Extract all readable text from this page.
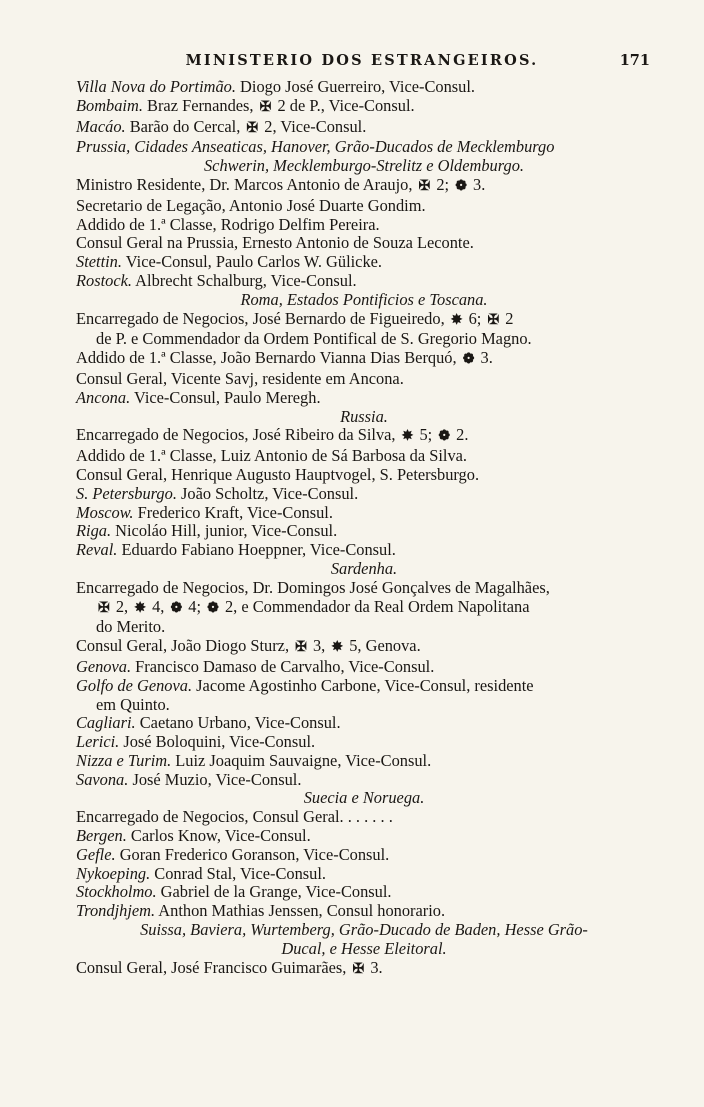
MINISTERIO DOS ESTRANGEIROS.	171
Villa Nova do Portimão. Diogo José Guerreiro, Vice-Consul.
Bombaim. Braz Fernandes, ✠ 2 de P., Vice-Consul.
Macáo. Barão do Cercal, ✠ 2, Vice-Consul.
Prussia, Cidades Anseaticas, Hanover, Grão-Ducados de Mecklemburgo
Schwerin, Mecklemburgo-Strelitz e Oldemburgo.
Ministro Residente, Dr. Marcos Antonio de Araujo, ✠ 2; ❁ 3.
Secretario de Legação, Antonio José Duarte Gondim.
Addido de 1.ª Classe, Rodrigo Delfim Pereira.
Consul Geral na Prussia, Ernesto Antonio de Souza Leconte.
Stettin. Vice-Consul, Paulo Carlos W. Gülicke.
Rostock. Albrecht Schalburg, Vice-Consul.
Roma, Estados Pontificios e Toscana.
Encarregado de Negocios, José Bernardo de Figueiredo, ✸ 6; ✠ 2
de P. e Commendador da Ordem Pontifical de S. Gregorio Magno.
Addido de 1.ª Classe, João Bernardo Vianna Dias Berquó, ❁ 3.
Consul Geral, Vicente Savj, residente em Ancona.
Ancona. Vice-Consul, Paulo Meregh.
Russia.
Encarregado de Negocios, José Ribeiro da Silva, ✸ 5; ❁ 2.
Addido de 1.ª Classe, Luiz Antonio de Sá Barbosa da Silva.
Consul Geral, Henrique Augusto Hauptvogel, S. Petersburgo.
S. Petersburgo. João Scholtz, Vice-Consul.
Moscow. Frederico Kraft, Vice-Consul.
Riga. Nicoláo Hill, junior, Vice-Consul.
Reval. Eduardo Fabiano Hoeppner, Vice-Consul.
Sardenha.
Encarregado de Negocios, Dr. Domingos José Gonçalves de Magalhães,
✠ 2, ✸ 4, ❁ 4; ❁ 2, e Commendador da Real Ordem Napolitana
do Merito.
Consul Geral, João Diogo Sturz, ✠ 3, ✸ 5, Genova.
Genova. Francisco Damaso de Carvalho, Vice-Consul.
Golfo de Genova. Jacome Agostinho Carbone, Vice-Consul, residente
em Quinto.
Cagliari. Caetano Urbano, Vice-Consul.
Lerici. José Boloquini, Vice-Consul.
Nizza e Turim. Luiz Joaquim Sauvaigne, Vice-Consul.
Savona. José Muzio, Vice-Consul.
Suecia e Noruega.
Encarregado de Negocios, Consul Geral. . . . . . .
Bergen. Carlos Know, Vice-Consul.
Gefle. Goran Frederico Goranson, Vice-Consul.
Nykoeping. Conrad Stal, Vice-Consul.
Stockholmo. Gabriel de la Grange, Vice-Consul.
Trondjhjem. Anthon Mathias Jenssen, Consul honorario.
Suissa, Baviera, Wurtemberg, Grão-Ducado de Baden, Hesse Grão-
Ducal, e Hesse Eleitoral.
Consul Geral, José Francisco Guimarães, ✠ 3.
